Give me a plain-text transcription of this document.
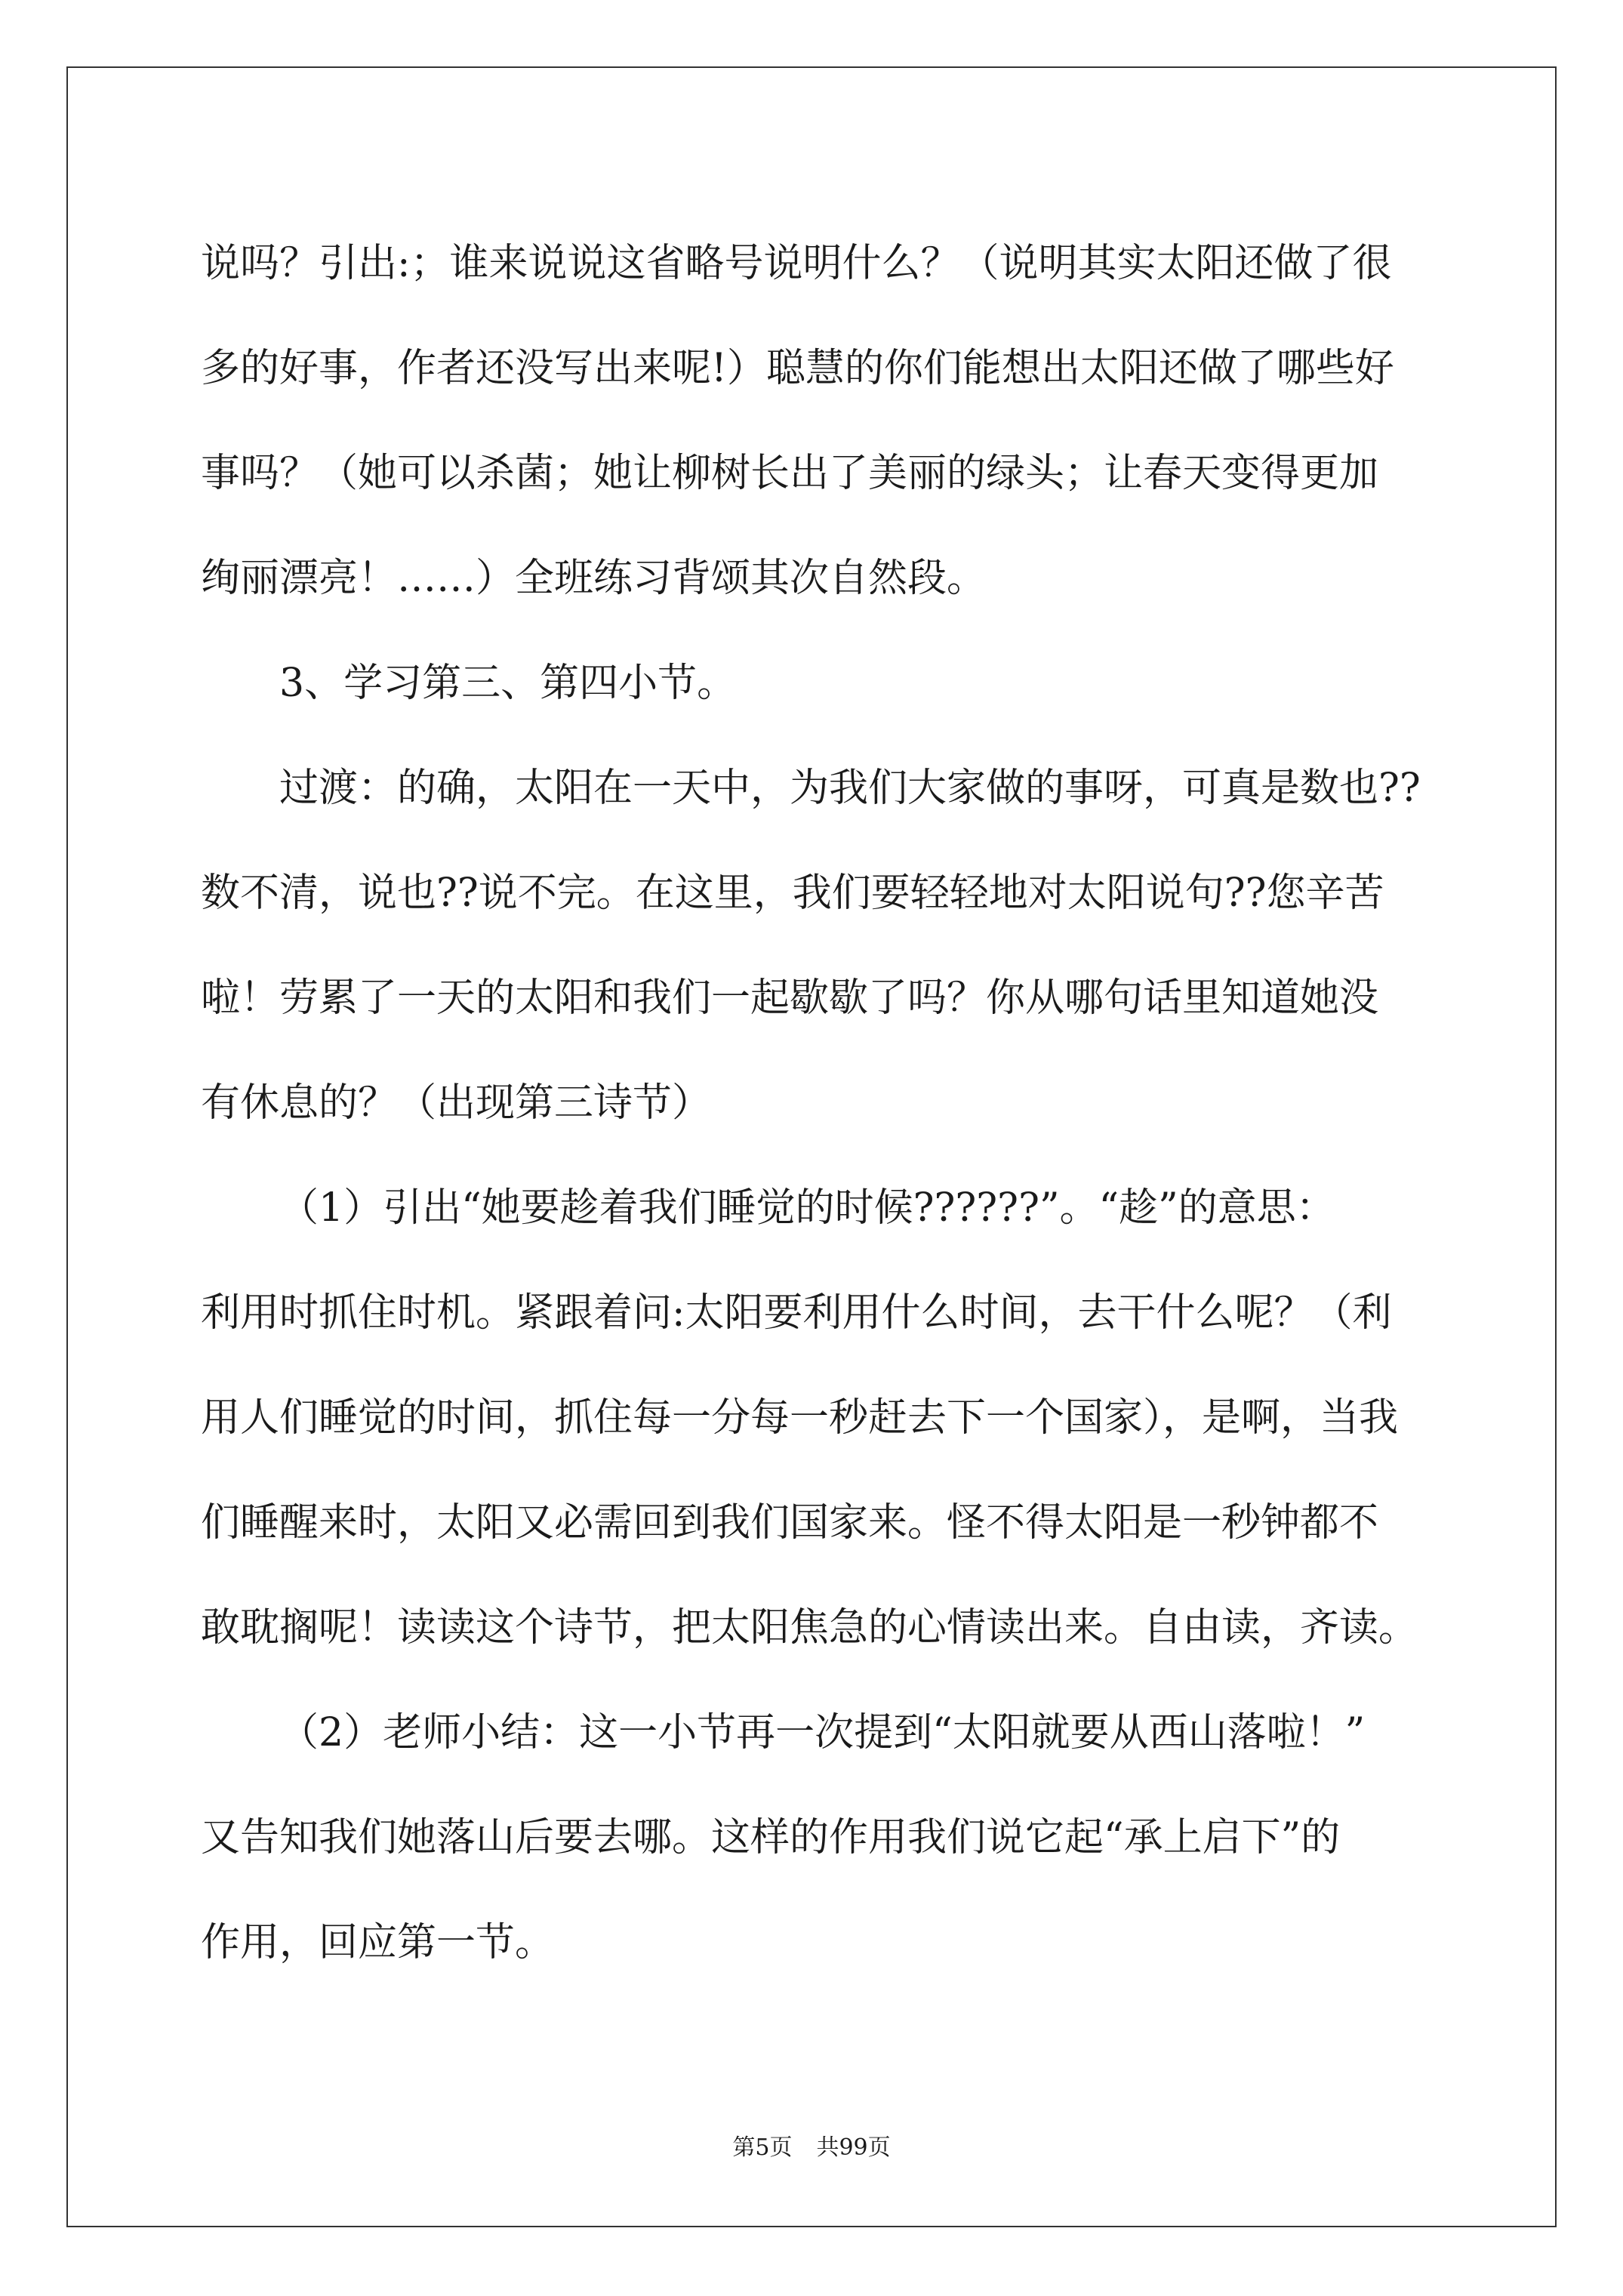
说吗？引出:；谁来说说这省略号说明什么？（说明其实太阳还做了很
多的好事，作者还没写出来呢!）聪慧的你们能想出太阳还做了哪些好
事吗？（她可以杀菌；她让柳树长出了美丽的绿头；让春天变得更加
绚丽漂亮！……）全班练习背颂其次自然段。
3、学习第三、第四小节。
过渡：的确，太阳在一天中，为我们大家做的事呀，可真是数也??
数不清，说也??说不完。在这里，我们要轻轻地对太阳说句??您辛苦
啦！劳累了一天的太阳和我们一起歇歇了吗？你从哪句话里知道她没
有休息的？（出现第三诗节）
（1）引出“她要趁着我们睡觉的时候??????”。“趁”的意思：
利用时抓住时机。紧跟着问:太阳要利用什么时间，去干什么呢？（利
用人们睡觉的时间，抓住每一分每一秒赶去下一个国家），是啊，当我
们睡醒来时，太阳又必需回到我们国家来。怪不得太阳是一秒钟都不
敢耽搁呢！读读这个诗节，把太阳焦急的心情读出来。自由读，齐读。
（2）老师小结：这一小节再一次提到“太阳就要从西山落啦！”
又告知我们她落山后要去哪。这样的作用我们说它起“承上启下”的
作用，回应第一节。
第5页 共99页
